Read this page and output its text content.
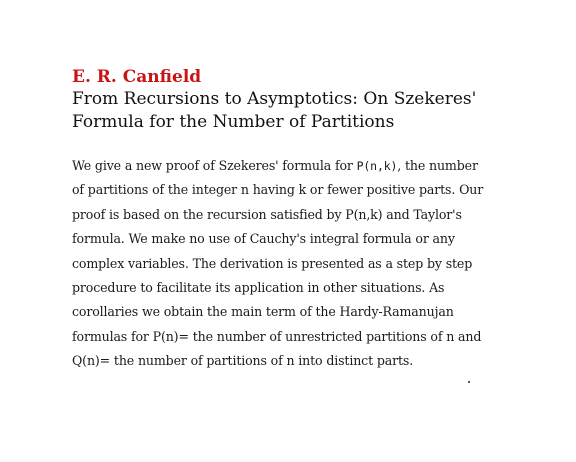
E. R. Canfield

From Recursions to Asymptotics: On Szekeres'
Formula for the Number of Partitions

We give a new proof of Szekeres' formula for P(n,k), the number
of partitions of the integer n having k or fewer positive parts. Our
proof is based on the recursion satisfied by P(n,k) and Taylor's
formula. We make no use of Cauchy's integral formula or any
complex variables. The derivation is presented as a step by step
procedure to facilitate its application in other situations. As
corollaries we obtain the main term of the Hardy-Ramanujan
formulas for P(n)= the number of unrestricted partitions of n and
Q(n)= the number of partitions of n into distinct parts.
